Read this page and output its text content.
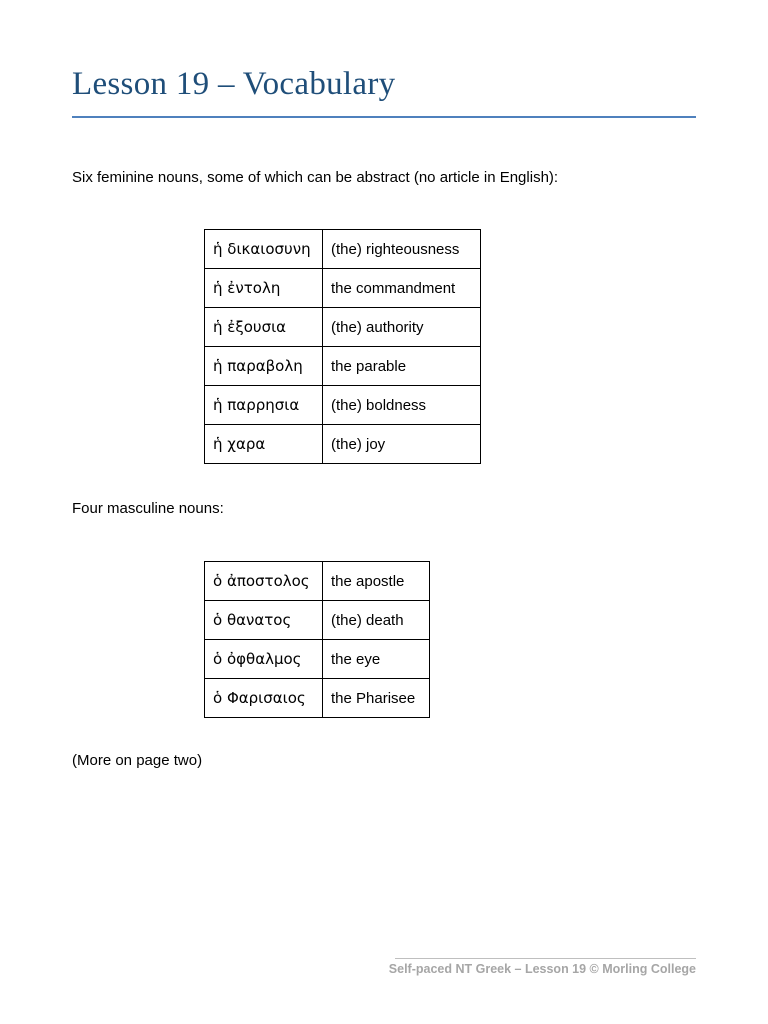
Lesson 19 – Vocabulary

Six feminine nouns, some of which can be abstract (no article in English):

ἡ δικαιοσυνη	(the) righteousness
ἡ ἐντολη	the commandment
ἡ ἐξουσια	(the) authority
ἡ παραβολη	the parable
ἡ παρρησια	(the) boldness
ἡ χαρα	(the) joy

Four masculine nouns:

ὁ ἀποστολος	the apostle
ὁ θανατος	(the) death
ὁ ὀφθαλμος	the eye
ὁ Φαρισαιος	the Pharisee

(More on page two)

Self-paced NT Greek – Lesson 19 © Morling College
